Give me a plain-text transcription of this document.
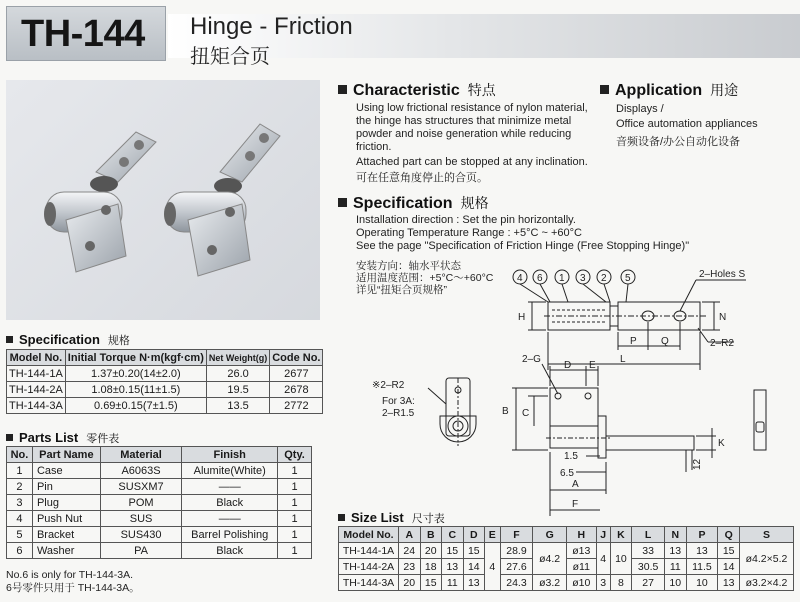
TH-144 Hinge - Friction
扭矩合页
Characteristic 特点
Using low frictional resistance of nylon material,
the hinge has structures that minimize metal
powder and noise generation while reducing
friction.
Attached part can be stopped at any inclination.
可在任意角度停止的合页。
Application 用途
Displays /
Office automation appliances
音频设备/办公自动化设备
Specification 规格
Installation direction : Set the pin horizontally.
Operating Temperature Range : +5°C ~ +60°C
See the page "Specification of Friction Hinge (Free Stopping Hinge)"
安装方向：轴水平状态
适用温度范围：+5°C～+60°C
详见“扭矩合页规格”
4 6 1 3 2 5	2–Holes S
H	N
P Q	2–R2
L
2–G
D E
B C
K
1.5
6.5
12
A
F
※2–R2
For 3A:
2–R1.5
Specification 规格
Model No.	Initial Torque N·m(kgf·cm)	Net Weight(g)	Code No.
TH-144-1A	1.37±0.20(14±2.0)	26.0	2677
TH-144-2A	1.08±0.15(11±1.5)	19.5	2678
TH-144-3A	0.69±0.15(7±1.5)	13.5	2772
Parts List 零件表
No.	Part Name	Material	Finish	Qty.
1	Case	A6063S	Alumite(White)	1
2	Pin	SUSXM7	——	1
3	Plug	POM	Black	1
4	Push Nut	SUS	——	1
5	Bracket	SUS430	Barrel Polishing	1
6	Washer	PA	Black	1
No.6 is only for TH-144-3A.
6号零件只用于 TH-144-3A。
Size List 尺寸表
Model No.	A	B	C	D	E	F	G	H	J	K	L	N	P	Q	S
TH-144-1A	24	20	15	15	4	28.9	ø4.2	ø13	4	10	33	13	13	15	ø4.2×5.2
TH-144-2A	23	18	13	14		27.6		ø11			30.5	11	11.5	14	
TH-144-3A	20	15	11	13		24.3	ø3.2	ø10	3	8	27	10	10	13	ø3.2×4.2
